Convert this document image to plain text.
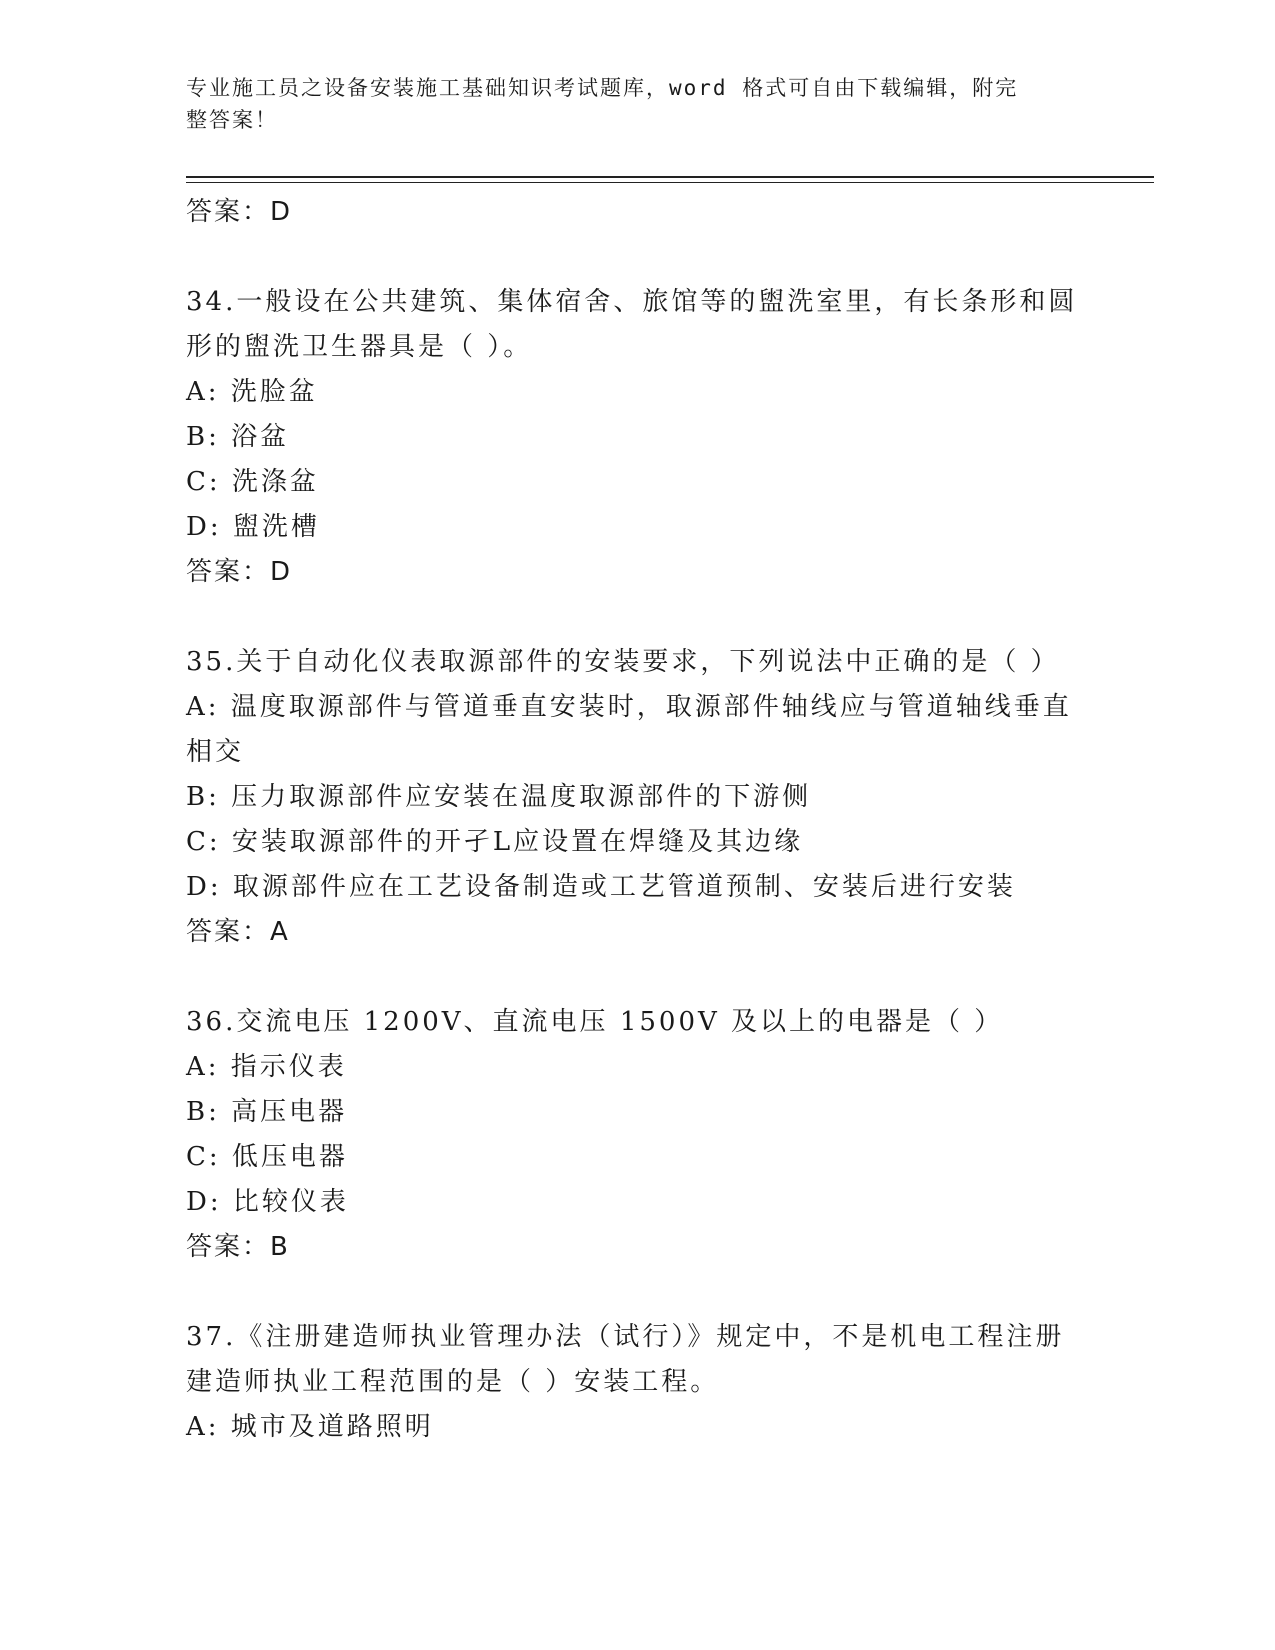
专业施工员之设备安装施工基础知识考试题库，word 格式可自由下载编辑，附完
整答案！
答案：D
34.一般设在公共建筑、集体宿舍、旅馆等的盥洗室里，有长条形和圆
形的盥洗卫生器具是（ ）。
A: 洗脸盆
B: 浴盆
C: 洗涤盆
D: 盥洗槽
答案：D
35.关于自动化仪表取源部件的安装要求，下列说法中正确的是（ ）
A: 温度取源部件与管道垂直安装时，取源部件轴线应与管道轴线垂直
相交
B: 压力取源部件应安装在温度取源部件的下游侧
C: 安装取源部件的开孑L应设置在焊缝及其边缘
D: 取源部件应在工艺设备制造或工艺管道预制、安装后进行安装
答案：A
36.交流电压 1200V、直流电压 1500V 及以上的电器是（ ）
A: 指示仪表
B: 高压电器
C: 低压电器
D: 比较仪表
答案：B
37.《注册建造师执业管理办法（试行）》规定中，不是机电工程注册
建造师执业工程范围的是（ ）安装工程。
A: 城市及道路照明
